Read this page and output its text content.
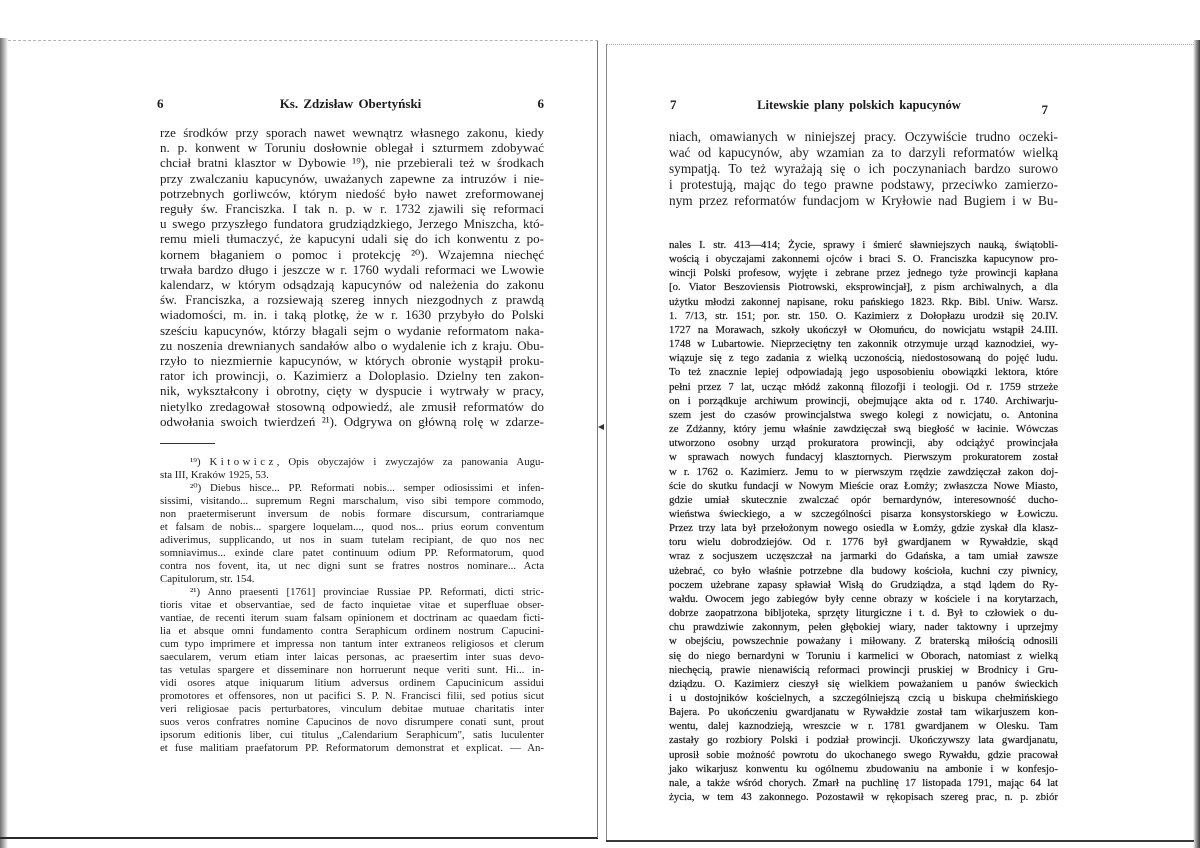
6	Ks. Zdzisław Obertyński	6
rze środków przy sporach nawet wewnątrz własnego zakonu, kiedy
n. p. konwent w Toruniu dosłownie oblegał i szturmem zdobywać
chciał bratni klasztor w Dybowie ¹⁹), nie przebierali też w środkach
przy zwalczaniu kapucynów, uważanych zapewne za intruzów i nie-
potrzebnych gorliwców, którym niedość było nawet zreformowanej
reguły św. Franciszka. I tak n. p. w r. 1732 zjawili się reformaci
u swego przyszłego fundatora grudziądzkiego, Jerzego Mniszcha, któ-
remu mieli tłumaczyć, że kapucyni udali się do ich konwentu z po-
kornem błaganiem o pomoc i protekcję ²⁰). Wzajemna niechęć
trwała bardzo długo i jeszcze w r. 1760 wydali reformaci we Lwowie
kalendarz, w którym odsądzają kapucynów od należenia do zakonu
św. Franciszka, a rozsiewają szereg innych niezgodnych z prawdą
wiadomości, m. in. i taką plotkę, że w r. 1630 przybyło do Polski
sześciu kapucynów, którzy błagali sejm o wydanie reformatom naka-
zu noszenia drewnianych sandałów albo o wydalenie ich z kraju. Obu-
rzyło to niezmiernie kapucynów, w których obronie wystąpił proku-
rator ich prowincji, o. Kazimierz a Doloplasio. Dzielny ten zakon-
nik, wykształcony i obrotny, cięty w dyspucie i wytrwały w pracy,
nietylko zredagował stosowną odpowiedź, ale zmusił reformatów do
odwołania swoich twierdzeń ²¹). Odgrywa on główną rolę w zdarze-
¹⁹) Kitowicz, Opis obyczajów i zwyczajów za panowania Augu-
sta III, Kraków 1925, 53.
²⁰) Diebus hisce... PP. Reformati nobis... semper odiosissimi et infen-
sissimi, visitando... supremum Regni marschalum, viso sibi tempore commodo,
non praetermiserunt inversum de nobis formare discursum, contrariamque
et falsam de nobis... spargere loquelam..., quod nos... prius eorum conventum
adiverimus, supplicando, ut nos in suam tutelam recipiant, de quo nos nec
somniavimus... exinde clare patet continuum odium PP. Reformatorum, quod
contra nos fovent, ita, ut nec digni sunt se fratres nostros nominare... Acta
Capitulorum, str. 154.
²¹) Anno praesenti [1761] provinciae Russiae PP. Reformati, dicti stric-
tioris vitae et observantiae, sed de facto inquietae vitae et superfluae obser-
vantiae, de recenti iterum suam falsam opinionem et doctrinam ac quaedam ficti-
lia et absque omni fundamento contra Seraphicum ordinem nostrum Capucini-
cum typo imprimere et impressa non tantum inter extraneos religiosos et clerum
saecularem, verum etiam inter laicas personas, ac praesertim inter suas devo-
tas vetulas spargere et disseminare non horruerunt neque veriti sunt. Hi... in-
vidi osores atque iniquarum litium adversus ordinem Capucinicum assidui
promotores et offensores, non ut pacifici S. P. N. Francisci filii, sed potius sicut
veri religiosae pacis perturbatores, vinculum debitae mutuae charitatis inter
suos veros confratres nomine Capucinos de novo disrumpere conati sunt, prout
ipsorum editionis liber, cui titulus „Calendarium Seraphicum", satis luculenter
et fuse malitiam praefatorum PP. Reformatorum demonstrat et explicat. — An-
7	Litewskie plany polskich kapucynów	7
niach, omawianych w niniejszej pracy. Oczywiście trudno oczeki-
wać od kapucynów, aby wzamian za to darzyli reformatów wielką
sympatją. To też wyrażają się o ich poczynaniach bardzo surowo
i protestują, mając do tego prawne podstawy, przeciwko zamierzo-
nym przez reformatów fundacjom w Kryłowie nad Bugiem i w Bu-
nales I. str. 413—414; Życie, sprawy i śmierć sławniejszych nauką, świątobli-
wością i obyczajami zakonnemi ojców i braci S. O. Franciszka kapucynow pro-
wincji Polski profesow, wyjęte i zebrane przez jednego tyże prowincji kapłana
[o. Viator Beszoviensis Piotrowski, eksprowincjał], z pism archiwalnych, a dla
użytku młodzi zakonnej napisane, roku pańskiego 1823. Rkp. Bibl. Uniw. Warsz.
1. 7/13, str. 151; por. str. 150. O. Kazimierz z Dołopłazu urodził się 20.IV.
1727 na Morawach, szkoły ukończył w Ołomuńcu, do nowicjatu wstąpił 24.III.
1748 w Lubartowie. Nieprzeciętny ten zakonnik otrzymuje urząd kaznodziei, wy-
wiązuje się z tego zadania z wielką uczonością, niedostosowaną do pojęć ludu.
To też znacznie lepiej odpowiadają jego usposobieniu obowiązki lektora, które
pełni przez 7 lat, ucząc młódź zakonną filozofji i teologji. Od r. 1759 strzeże
on i porządkuje archiwum prowincji, obejmujące akta od r. 1740. Archiwarju-
szem jest do czasów prowincjalstwa swego kolegi z nowicjatu, o. Antonina
ze Zdżanny, który jemu właśnie zawdzięczał swą biegłość w łacinie. Wówczas
utworzono osobny urząd prokuratora prowincji, aby odciążyć prowincjała
w sprawach nowych fundacyj klasztornych. Pierwszym prokuratorem został
w r. 1762 o. Kazimierz. Jemu to w pierwszym rzędzie zawdzięczał zakon doj-
ście do skutku fundacji w Nowym Mieście oraz Łomży; zwłaszcza Nowe Miasto,
gdzie umiał skutecznie zwalczać opór bernardynów, interesowność ducho-
wieństwa świeckiego, a w szczególności pisarza konsystorskiego w Łowiczu.
Przez trzy lata był przełożonym nowego osiedla w Łomży, gdzie zyskał dla klasz-
toru wielu dobrodziejów. Od r. 1776 był gwardjanem w Rywałdzie, skąd
wraz z socjuszem uczęszczał na jarmarki do Gdańska, a tam umiał zawsze
użebrać, co było właśnie potrzebne dla budowy kościoła, kuchni czy piwnicy,
poczem użebrane zapasy spławiał Wisłą do Grudziądza, a stąd lądem do Ry-
wałdu. Owocem jego zabiegów były cenne obrazy w kościele i na korytarzach,
dobrze zaopatrzona bibljoteka, sprzęty liturgiczne i t. d. Był to człowiek o du-
chu prawdziwie zakonnym, pełen głębokiej wiary, nader taktowny i uprzejmy
w obejściu, powszechnie poważany i miłowany. Z braterską miłością odnosili
się do niego bernardyni w Toruniu i karmelici w Oborach, natomiast z wielką
niechęcią, prawie nienawiścią reformaci prowincji pruskiej w Brodnicy i Gru-
dziądzu. O. Kazimierz cieszył się wielkiem poważaniem u panów świeckich
i u dostojników kościelnych, a szczególniejszą czcią u biskupa chełmińskiego
Bajera. Po ukończeniu gwardjanatu w Rywałdzie został tam wikarjuszem kon-
wentu, dalej kaznodzieją, wreszcie w r. 1781 gwardjanem w Olesku. Tam
zastały go rozbiory Polski i podział prowincji. Ukończywszy lata gwardjanatu,
uprosił sobie możność powrotu do ukochanego swego Rywałdu, gdzie pracował
jako wikarjusz konwentu ku ogólnemu zbudowaniu na ambonie i w konfesjo-
nale, a także wśród chorych. Zmarł na puchlinę 17 listopada 1791, mając 64 lat
życia, w tem 43 zakonnego. Pozostawił w rękopisach szereg prac, n. p. zbiór
